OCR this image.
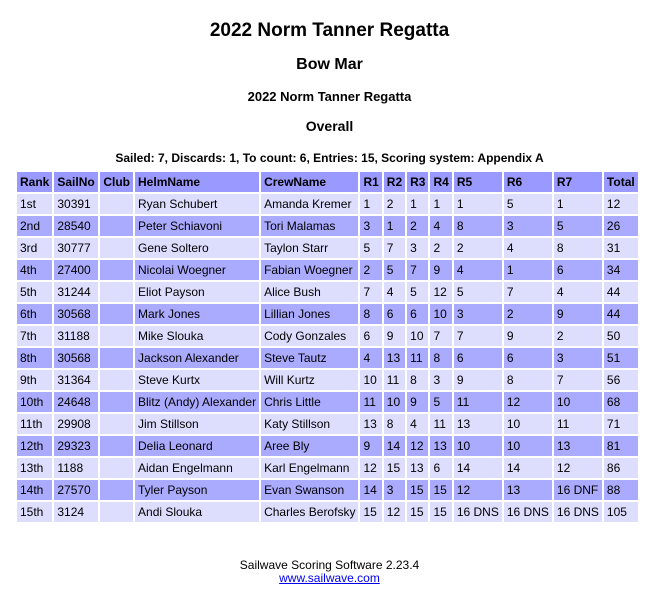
2022 Norm Tanner Regatta
Bow Mar
2022 Norm Tanner Regatta
Overall
Sailed: 7, Discards: 1, To count: 6, Entries: 15, Scoring system: Appendix A
Rank	SailNo	Club	HelmName	CrewName	R1	R2	R3	R4	R5	R6	R7	Total
1st	30391		Ryan Schubert	Amanda Kremer	1	2	1	1	1	5	1	12
2nd	28540		Peter Schiavoni	Tori Malamas	3	1	2	4	8	3	5	26
3rd	30777		Gene Soltero	Taylon Starr	5	7	3	2	2	4	8	31
4th	27400		Nicolai Woegner	Fabian Woegner	2	5	7	9	4	1	6	34
5th	31244		Eliot Payson	Alice Bush	7	4	5	12	5	7	4	44
6th	30568		Mark Jones	Lillian Jones	8	6	6	10	3	2	9	44
7th	31188		Mike Slouka	Cody Gonzales	6	9	10	7	7	9	2	50
8th	30568		Jackson Alexander	Steve Tautz	4	13	11	8	6	6	3	51
9th	31364		Steve Kurtx	Will Kurtz	10	11	8	3	9	8	7	56
10th	24648		Blitz (Andy) Alexander	Chris Little	11	10	9	5	11	12	10	68
11th	29908		Jim Stillson	Katy Stillson	13	8	4	11	13	10	11	71
12th	29323		Delia Leonard	Aree Bly	9	14	12	13	10	10	13	81
13th	1188		Aidan Engelmann	Karl Engelmann	12	15	13	6	14	14	12	86
14th	27570		Tyler Payson	Evan Swanson	14	3	15	15	12	13	16 DNF	88
15th	3124		Andi Slouka	Charles Berofsky	15	12	15	15	16 DNS	16 DNS	16 DNS	105
Sailwave Scoring Software 2.23.4
www.sailwave.com
